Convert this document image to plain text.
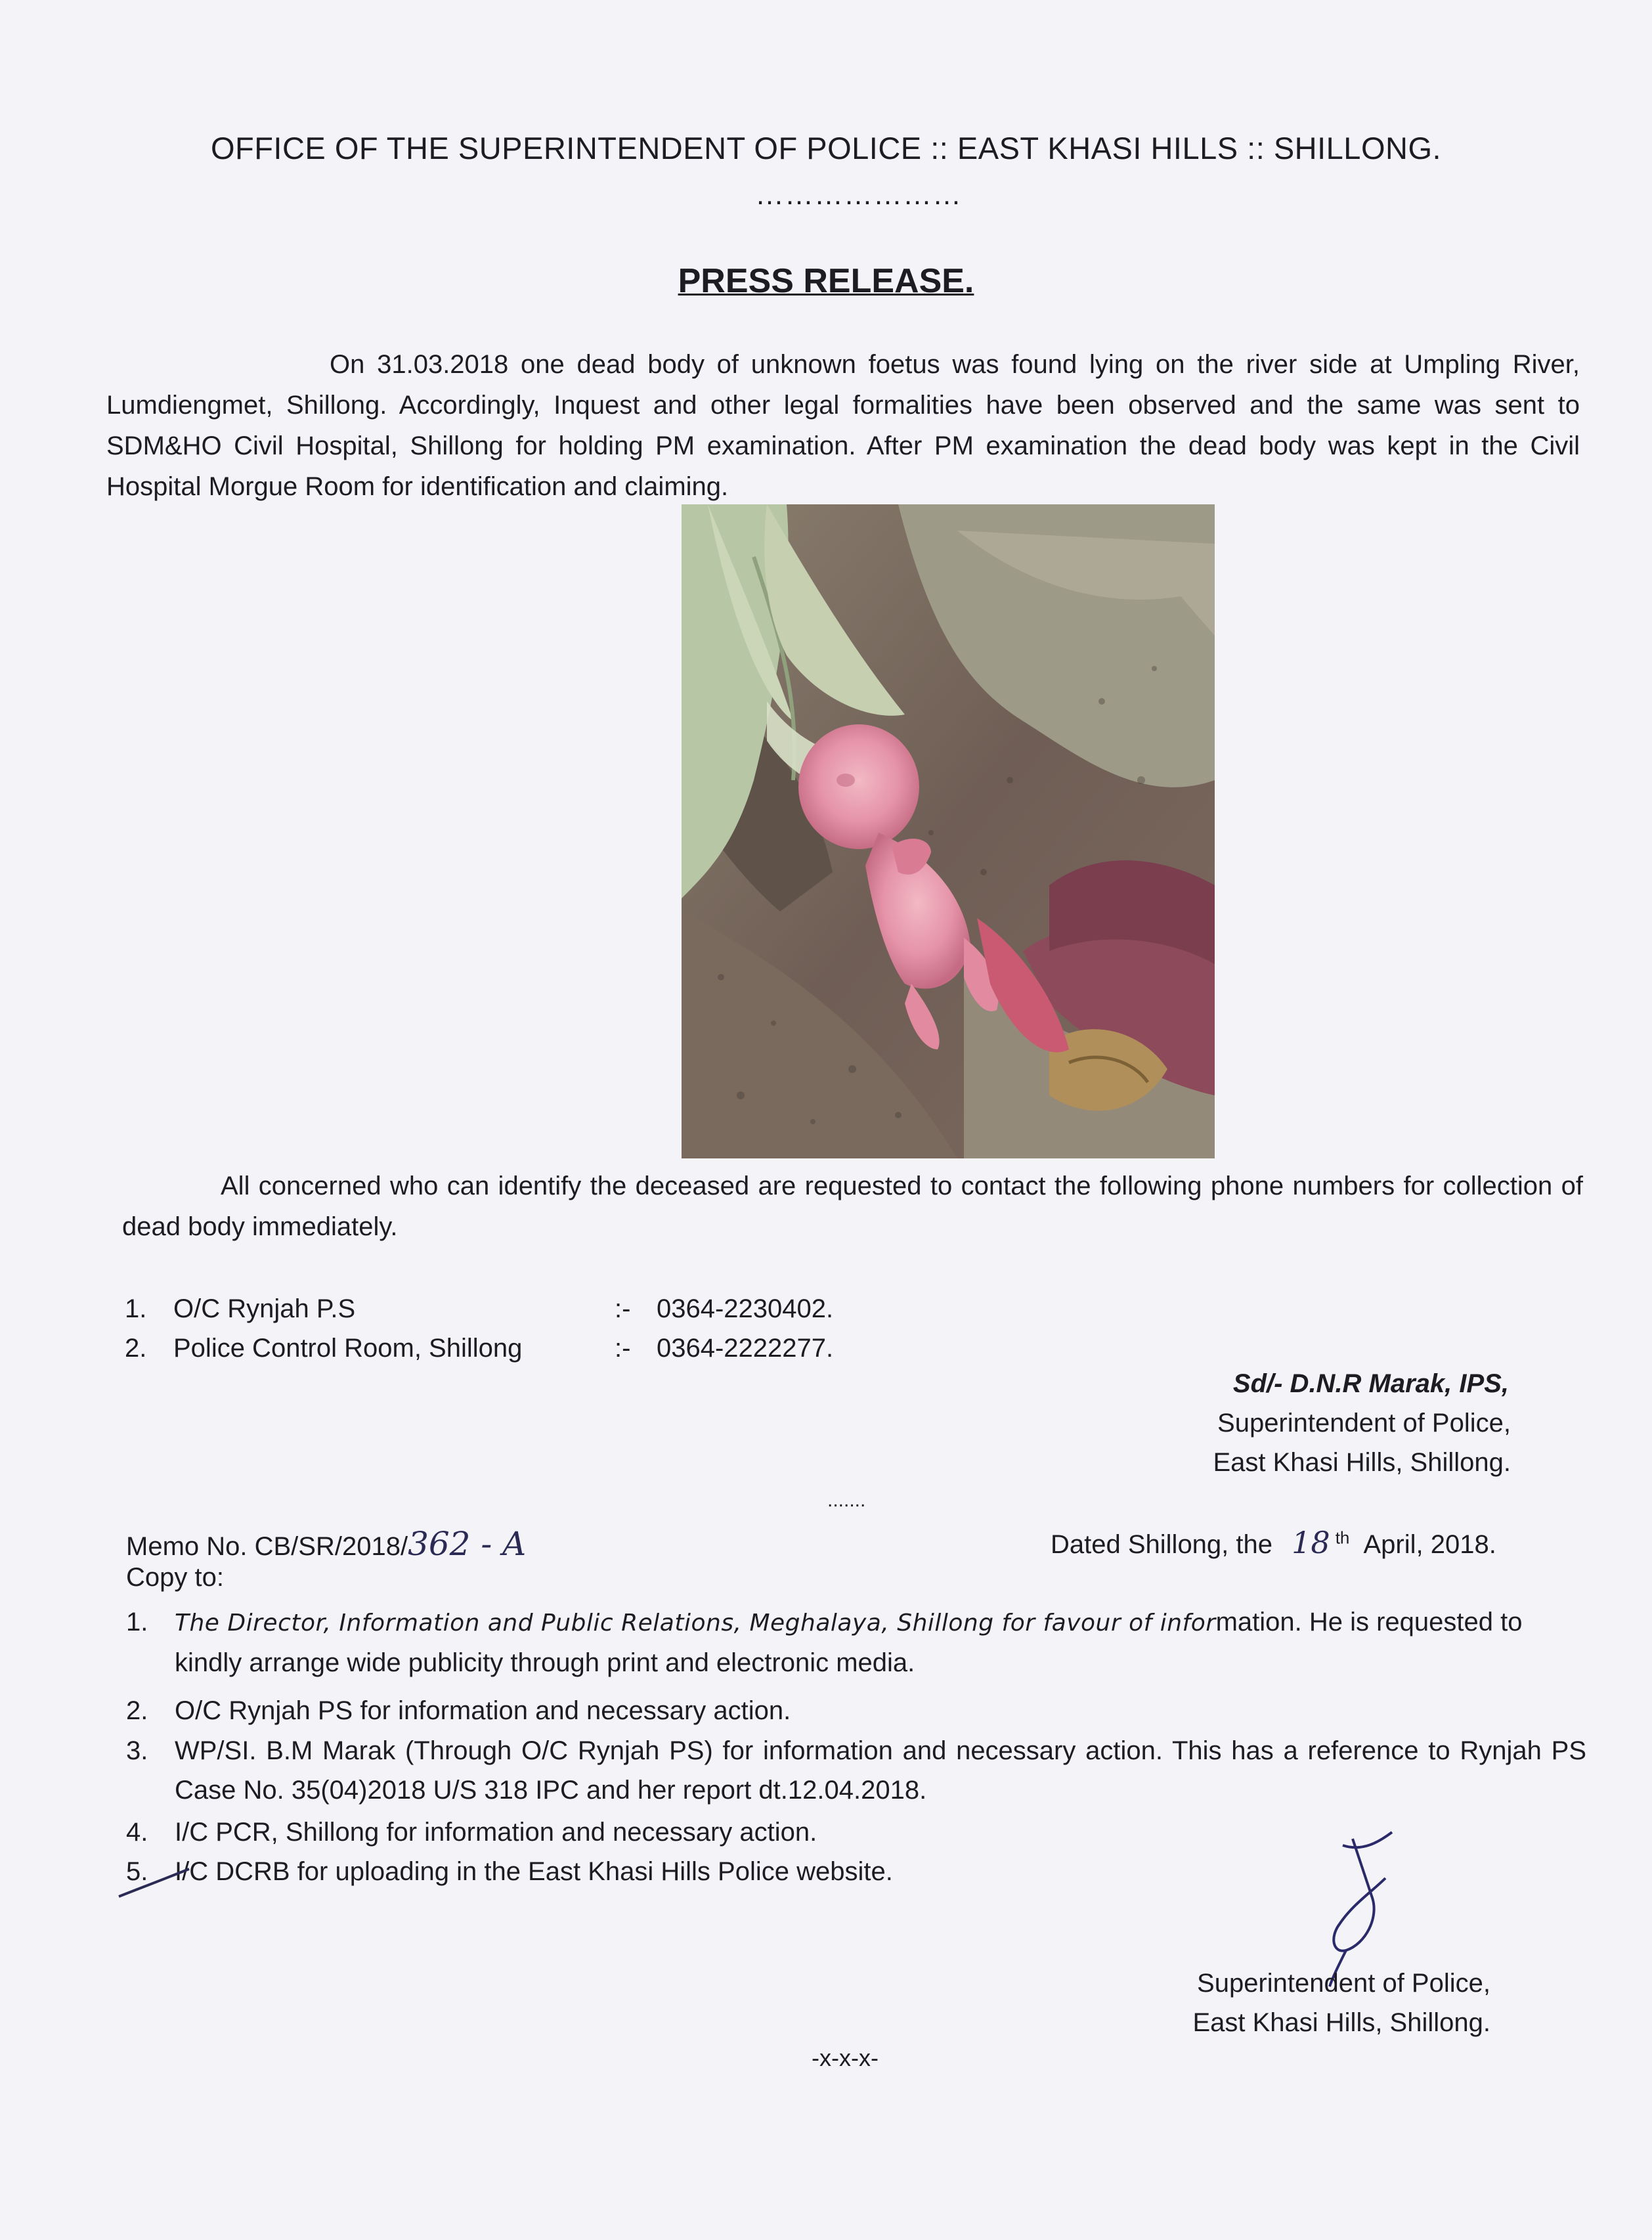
OFFICE OF THE SUPERINTENDENT OF POLICE :: EAST KHASI HILLS :: SHILLONG.
…………………
PRESS RELEASE.
On 31.03.2018 one dead body of unknown foetus was found lying on the river side at Umpling River, Lumdiengmet, Shillong. Accordingly, Inquest and other legal formalities have been observed and the same was sent to SDM&HO Civil Hospital, Shillong for holding PM examination. After PM examination the dead body was kept in the Civil Hospital Morgue Room for identification and claiming.
All concerned who can identify the deceased are requested to contact the following phone numbers for collection of dead body immediately.
1. O/C Rynjah P.S	:- 0364-2230402.
2. Police Control Room, Shillong	:- 0364-2222277.
Sd/- D.N.R Marak, IPS,
Superintendent of Police,
East Khasi Hills, Shillong.
.......
Memo No. CB/SR/2018/362 - A	Dated Shillong, the 18 $^{th}$ April, 2018.
Copy to:
1.	The Director, Information and Public Relations, Meghalaya, Shillong for favour of information. He is requested to kindly arrange wide publicity through print and electronic media.
2.	O/C Rynjah PS for information and necessary action.
3.	WP/SI. B.M Marak (Through O/C Rynjah PS) for information and necessary action. This has a reference to Rynjah PS Case No. 35(04)2018 U/S 318 IPC and her report dt.12.04.2018.
4.	I/C PCR, Shillong for information and necessary action.
5.	I/C DCRB for uploading in the East Khasi Hills Police website.
Superintendent of Police,
East Khasi Hills, Shillong.
-x-x-x-
